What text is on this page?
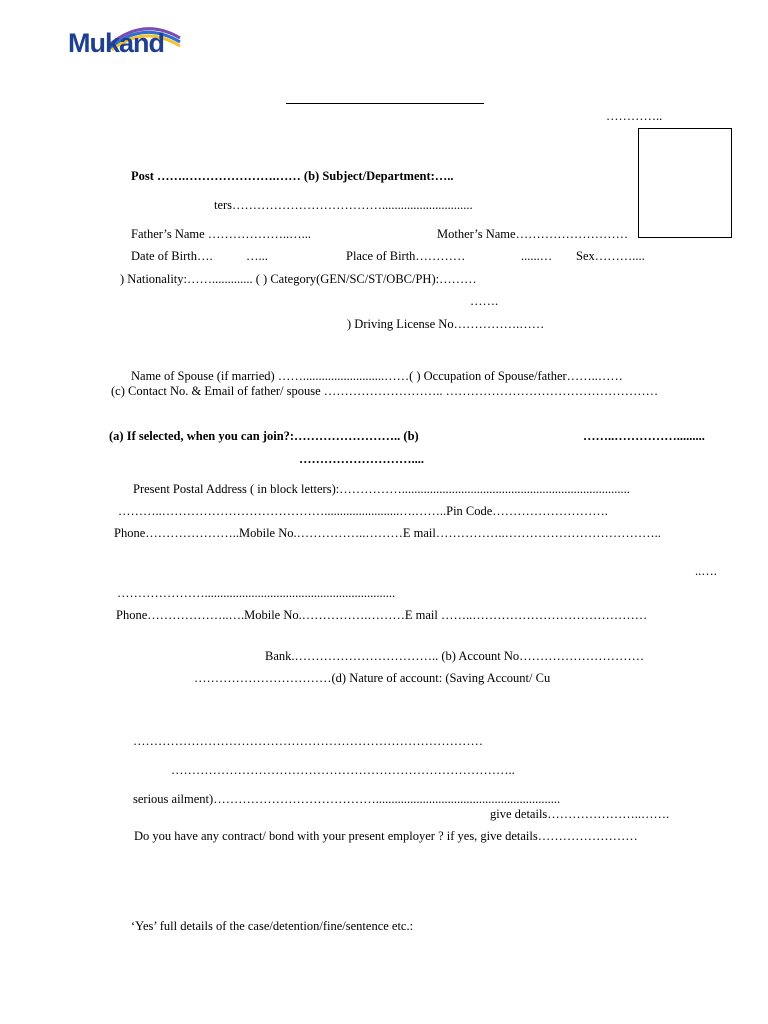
Mukand
…………..
Post …….………………….…… (b) Subject/Department:…..
ters……………………………….............................
Father’s Name ………………..…...	Mother’s Name………………………
Date of Birth….	…...	Place of Birth…………	......… Sex………....
) Nationality:……............. ( ) Category(GEN/SC/ST/OBC/PH):………
…….
) Driving License No…………….……
Name of Spouse (if married) ……..........................……( ) Occupation of Spouse/father……..……
(c) Contact No. & Email of father/ spouse ……………………….. ……………………………………………
(a) If selected, when you can join?:…………………….. (b)	……..…………….........
………………………....
Present Postal Address ( in block letters):…………….........................................................................
………..…………………………………........................….……..Pin Code……………………….
Phone…………………..Mobile No.……………..………E mail……………..………………………………..
..….
………………….............................................................
Phone………………..….Mobile No.…………….………E mail ……..……………………………………
Bank.…………………………….. (b) Account No…………………………
……………………………(d) Nature of account: (Saving Account/ Cu
…………………………………………………………………………
………………………………………………………………………..
serious ailment)…………………………………...........................................................
give details…………………..…….
Do you have any contract/ bond with your present employer ? if yes, give details……………………
‘Yes’ full details of the case/detention/fine/sentence etc.:
